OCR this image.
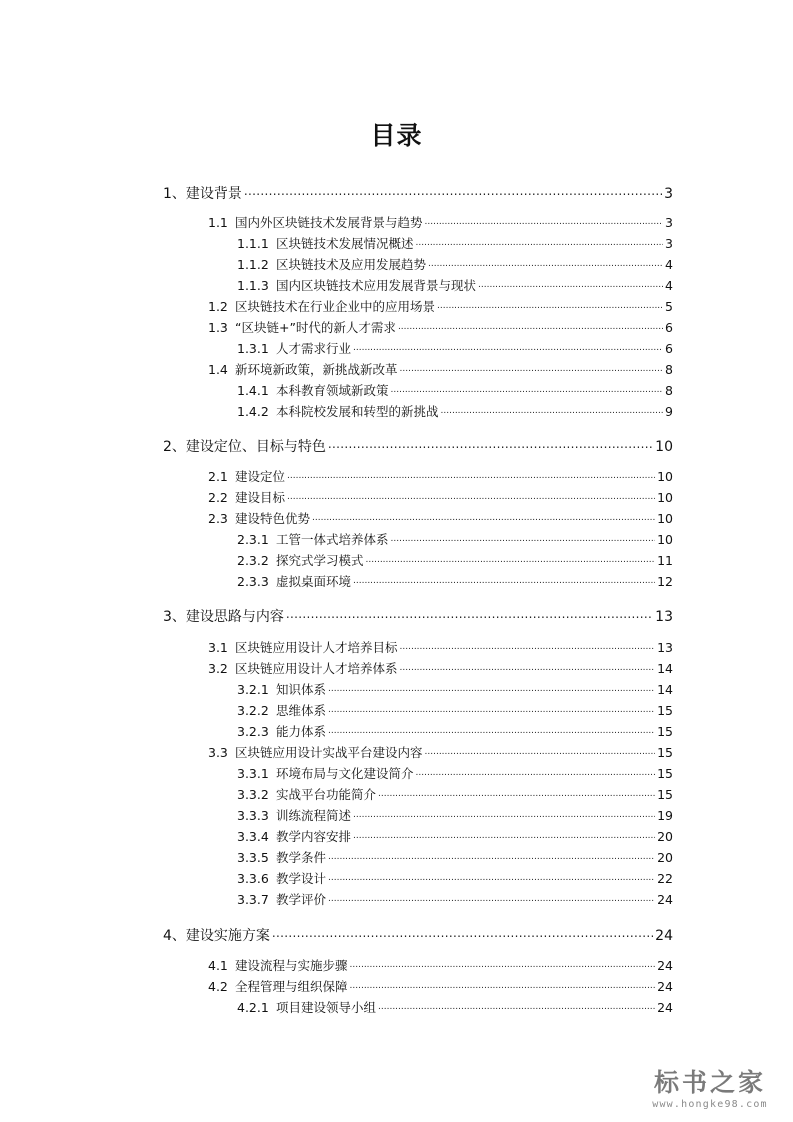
目录
1、 建设背景 .....	3
1.1 国内外区块链技术发展背景与趋势 .....	3
1.1.1 区块链技术发展情况概述 .....	3
1.1.2 区块链技术及应用发展趋势 .....	4
1.1.3 国内区块链技术应用发展背景与现状 .....	4
1.2 区块链技术在行业企业中的应用场景 .....	5
1.3 “区块链+”时代的新人才需求 .....	6
1.3.1 人才需求行业 .....	6
1.4 新环境新政策，新挑战新改革 .....	8
1.4.1 本科教育领域新政策 .....	8
1.4.2 本科院校发展和转型的新挑战 .....	9
2、 建设定位、目标与特色 .....	10
2.1 建设定位 .....	10
2.2 建设目标 .....	10
2.3 建设特色优势 .....	10
2.3.1 工管一体式培养体系 .....	10
2.3.2 探究式学习模式 .....	11
2.3.3 虚拟桌面环境 .....	12
3、 建设思路与内容 .....	13
3.1 区块链应用设计人才培养目标 .....	13
3.2 区块链应用设计人才培养体系 .....	14
3.2.1 知识体系 .....	14
3.2.2 思维体系 .....	15
3.2.3 能力体系 .....	15
3.3 区块链应用设计实战平台建设内容 .....	15
3.3.1 环境布局与文化建设简介 .....	15
3.3.2 实战平台功能简介 .....	15
3.3.3 训练流程简述 .....	19
3.3.4 教学内容安排 .....	20
3.3.5 教学条件 .....	20
3.3.6 教学设计 .....	22
3.3.7 教学评价 .....	24
4、 建设实施方案 .....	24
4.1 建设流程与实施步骤 .....	24
4.2 全程管理与组织保障 .....	24
4.2.1 项目建设领导小组 .....	24
标书之家
www.hongke98.com
